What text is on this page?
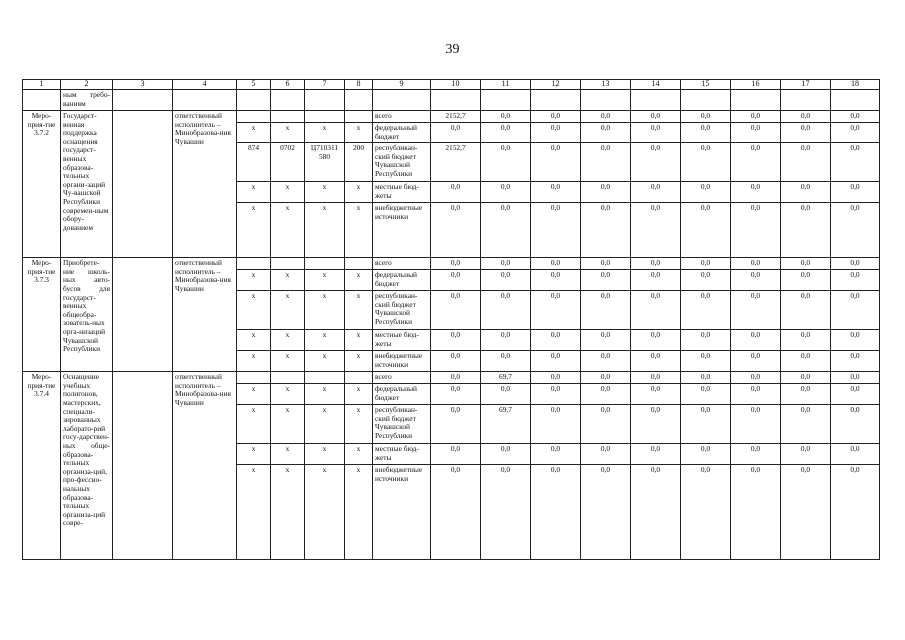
39
1	2	3	4	5	6	7	8	9	10	11	12	13	14	15	16	17	18
	ным требо-ваниям																
Меро-прия-тие 3.7.2	Государст-венная поддержка оснащения государст-венных образова-тельных органи-заций Чу-вашской Республики современ-ным обору-дованием		ответственный исполнитель – Минобразова-ния Чувашии					всего	2152,7	0,0	0,0	0,0	0,0	0,0	0,0	0,0	0,0
				x	x	x	x	федеральный бюджет	0,0	0,0	0,0	0,0	0,0	0,0	0,0	0,0	0,0
				874	0702	Ц710311 580	200	республикан-ский бюджет Чувашской Республики	2152,7	0,0	0,0	0,0	0,0	0,0	0,0	0,0	0,0
				x	x	x	x	местные бюд-жеты	0,0	0,0	0,0	0,0	0,0	0,0	0,0	0,0	0,0
				x	x	x	x	внебюджетные источники	0,0	0,0	0,0	0,0	0,0	0,0	0,0	0,0	0,0
Меро-прия-тие 3.7.3	Приобрете-ние школь-ных авто-бусов для государст-венных общеобра-зователь-ных орга-низаций Чувашской Республики		ответственный исполнитель – Минобразова-ния Чувашии					всего	0,0	0,0	0,0	0,0	0,0	0,0	0,0	0,0	0,0
				x	x	x	x	федеральный бюджет	0,0	0,0	0,0	0,0	0,0	0,0	0,0	0,0	0,0
				x	x	x	x	республикан-ский бюджет Чувашской Республики	0,0	0,0	0,0	0,0	0,0	0,0	0,0	0,0	0,0
				x	x	x	x	местные бюд-жеты	0,0	0,0	0,0	0,0	0,0	0,0	0,0	0,0	0,0
				x	x	x	x	внебюджетные источники	0,0	0,0	0,0	0,0	0,0	0,0	0,0	0,0	0,0
Меро-прия-тие 3.7.4	Оснащение учебных полигонов, мастерских, специали-зированных лаборато-рий госу-дарствен-ных обще-образова-тельных организа-ций, про-фессио-нальных образова-тельных организа-ций совре-		ответственный исполнитель – Минобразова-ния Чувашии					всего	0,0	69,7	0,0	0,0	0,0	0,0	0,0	0,0	0,0
				x	x	x	x	федеральный бюджет	0,0	0,0	0,0	0,0	0,0	0,0	0,0	0,0	0,0
				x	x	x	x	республикан-ский бюджет Чувашской Республики	0,0	69,7	0,0	0,0	0,0	0,0	0,0	0,0	0,0
				x	x	x	x	местные бюд-жеты	0,0	0,0	0,0	0,0	0,0	0,0	0,0	0,0	0,0
				x	x	x	x	внебюджетные источники	0,0	0,0	0,0	0,0	0,0	0,0	0,0	0,0	0,0
